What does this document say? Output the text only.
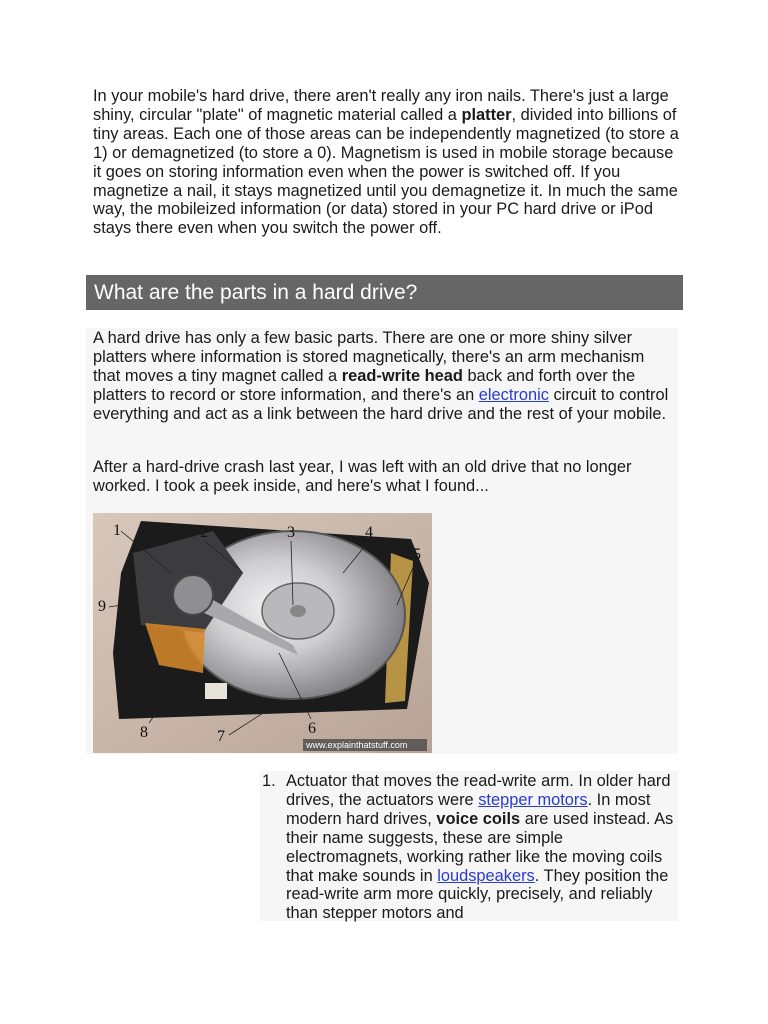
In your mobile's hard drive, there aren't really any iron nails. There's just a large shiny, circular "plate" of magnetic material called a platter, divided into billions of tiny areas. Each one of those areas can be independently magnetized (to store a 1) or demagnetized (to store a 0). Magnetism is used in mobile storage because it goes on storing information even when the power is switched off. If you magnetize a nail, it stays magnetized until you demagnetize it. In much the same way, the mobileized information (or data) stored in your PC hard drive or iPod stays there even when you switch the power off.

What are the parts in a hard drive?

A hard drive has only a few basic parts. There are one or more shiny silver platters where information is stored magnetically, there's an arm mechanism that moves a tiny magnet called a read-write head back and forth over the platters to record or store information, and there's an electronic circuit to control everything and act as a link between the hard drive and the rest of your mobile.

After a hard-drive crash last year, I was left with an old drive that no longer worked. I took a peek inside, and here's what I found...

1	2	3	4
5
6
7
8
9
www.explainthatstuff.com
1. Actuator that moves the read-write arm. In older hard drives, the actuators were stepper motors. In most modern hard drives, voice coils are used instead. As their name suggests, these are simple electromagnets, working rather like the moving coils that make sounds in loudspeakers. They position the read-write arm more quickly, precisely, and reliably than stepper motors and
